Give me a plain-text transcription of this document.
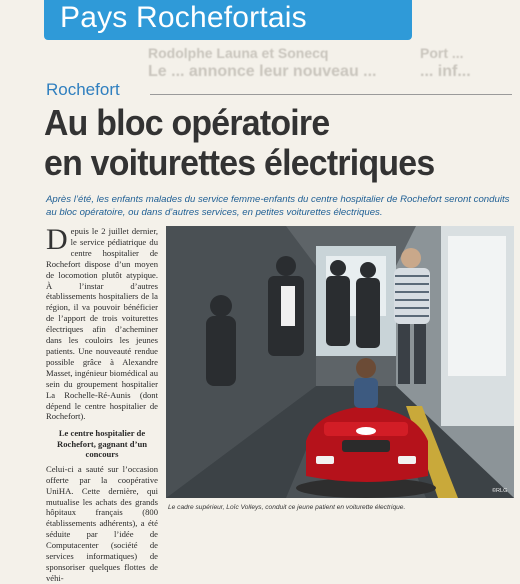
Pays Rochefortais
Rodolphe Launa et Sonecq
Le ... annonce leur nouveau ...
Port ...
... inf...
Rochefort
Au bloc opératoire
en voiturettes électriques
Après l’été, les enfants malades du service femme-enfants du centre hospitalier de Rochefort seront conduits au bloc opératoire, ou dans d’autres services, en petites voiturettes électriques.

Depuis le 2 juillet dernier, le service pédiatrique du centre hospitalier de Rochefort dispose d’un moyen de locomotion plutôt atypique. À l’instar d’autres établissements hospitaliers de la région, il va pouvoir bénéficier de l’apport de trois voiturettes électriques afin d’acheminer dans les couloirs les jeunes patients. Une nouveauté rendue possible grâce à Alexandre Masset, ingénieur biomédical au sein du groupement hospitalier La Rochelle-Ré-Aunis (dont dépend le centre hospitalier de Rochefort).

Le centre hospitalier de Rochefort, gagnant d’un concours

Celui-ci a sauté sur l’occasion offerte par la coopérative UniHA. Cette dernière, qui mutualise les achats des grands hôpitaux français (800 établissements adhérents), a été séduite par l’idée de Computacenter (société de services informatiques) de sponsoriser quelques flottes de véhi-

©RLG
Le cadre supérieur, Loïc Volleys, conduit ce jeune patient en voiturette électrique.
